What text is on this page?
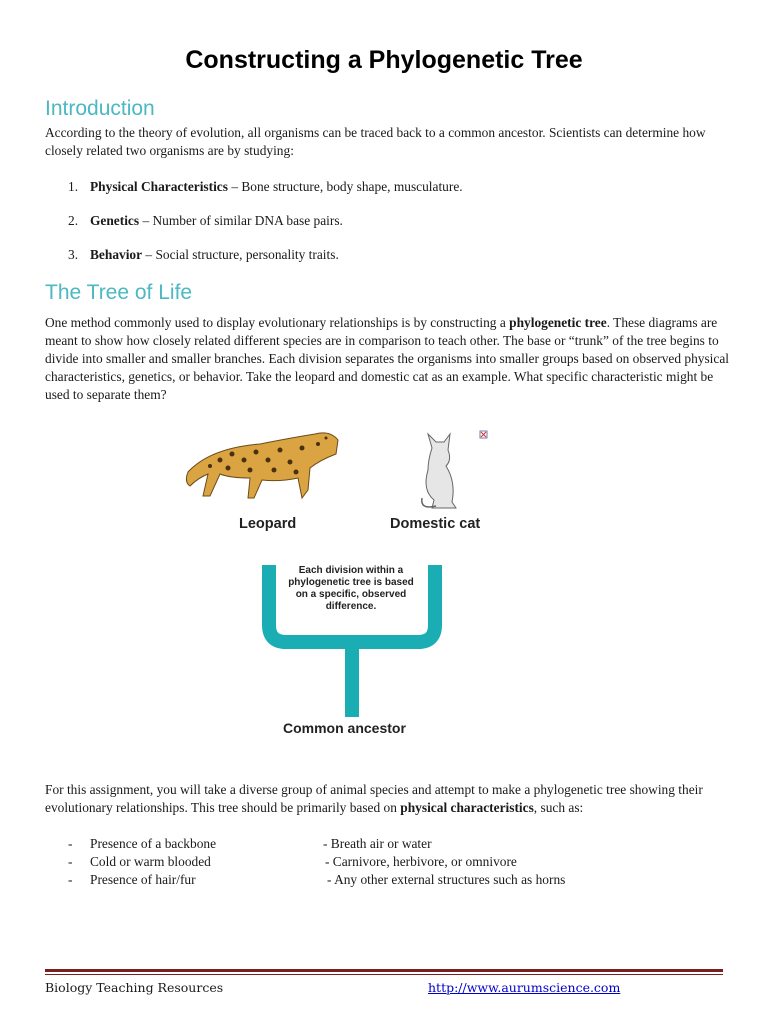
Constructing a Phylogenetic Tree
Introduction
According to the theory of evolution, all organisms can be traced back to a common ancestor. Scientists can determine how closely related two organisms are by studying:
1. Physical Characteristics – Bone structure, body shape, musculature.
2. Genetics – Number of similar DNA base pairs.
3. Behavior – Social structure, personality traits.
The Tree of Life
One method commonly used to display evolutionary relationships is by constructing a phylogenetic tree. These diagrams are meant to show how closely related different species are in comparison to teach other. The base or “trunk” of the tree begins to divide into smaller and smaller branches. Each division separates the organisms into smaller groups based on observed physical characteristics, genetics, or behavior. Take the leopard and domestic cat as an example. What specific characteristic might be used to separate them?
Leopard	Domestic cat
Each division within a phylogenetic tree is based on a specific, observed difference.
Common ancestor
For this assignment, you will take a diverse group of animal species and attempt to make a phylogenetic tree showing their evolutionary relationships. This tree should be primarily based on physical characteristics, such as:
- Presence of a backbone
- Cold or warm blooded
- Presence of hair/fur
- Breath air or water
- Carnivore, herbivore, or omnivore
- Any other external structures such as horns
Biology Teaching Resources	http://www.aurumscience.com
